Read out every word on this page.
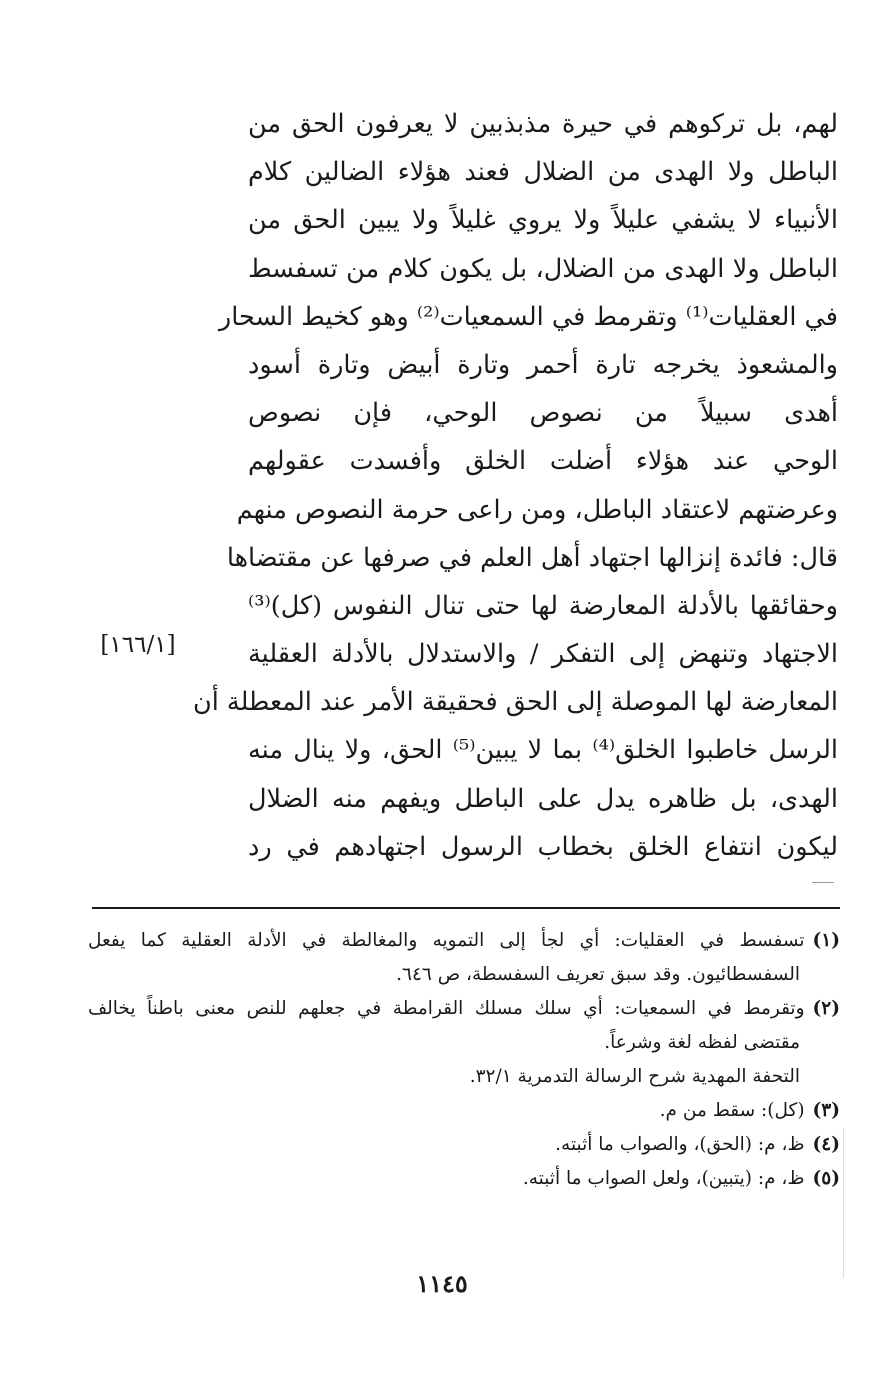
لهم، بل تركوهم في حيرة مذبذبين لا يعرفون الحق من
الباطل ولا الهدى من الضلال فعند هؤلاء الضالين كلام
الأنبياء لا يشفي عليلاً ولا يروي غليلاً ولا يبين الحق من
الباطل ولا الهدى من الضلال، بل يكون كلام من تسفسط
في العقليات⁽¹⁾ وتقرمط في السمعيات⁽²⁾ وهو كخيط السحار
والمشعوذ يخرجه تارة أحمر وتارة أبيض وتارة أسود
أهدى سبيلاً من نصوص الوحي، فإن نصوص
الوحي عند هؤلاء أضلت الخلق وأفسدت عقولهم
وعرضتهم لاعتقاد الباطل، ومن راعى حرمة النصوص منهم
قال: فائدة إنزالها اجتهاد أهل العلم في صرفها عن مقتضاها
وحقائقها بالأدلة المعارضة لها حتى تنال النفوس (كل)⁽³⁾
الاجتهاد وتنهض إلى التفكر / والاستدلال بالأدلة العقلية
المعارضة لها الموصلة إلى الحق فحقيقة الأمر عند المعطلة أن
الرسل خاطبوا الخلق⁽⁴⁾ بما لا يبين⁽⁵⁾ الحق، ولا ينال منه
الهدى، بل ظاهره يدل على الباطل ويفهم منه الضلال
ليكون انتفاع الخلق بخطاب الرسول اجتهادهم في رد
[١٦٦/١]
(١)تسفسط في العقليات: أي لجأ إلى التمويه والمغالطة في الأدلة العقلية كما يفعل
السفسطائيون. وقد سبق تعريف السفسطة، ص ٦٤٦.
(٢)وتقرمط في السمعيات: أي سلك مسلك القرامطة في جعلهم للنص معنى باطناً يخالف
مقتضى لفظه لغة وشرعاً.
التحفة المهدية شرح الرسالة التدمرية ٣٢/١.
(٣)(كل): سقط من م.
(٤)ظ، م: (الحق)، والصواب ما أثبته.
(٥)ظ، م: (يتبين)، ولعل الصواب ما أثبته.
١١٤٥
